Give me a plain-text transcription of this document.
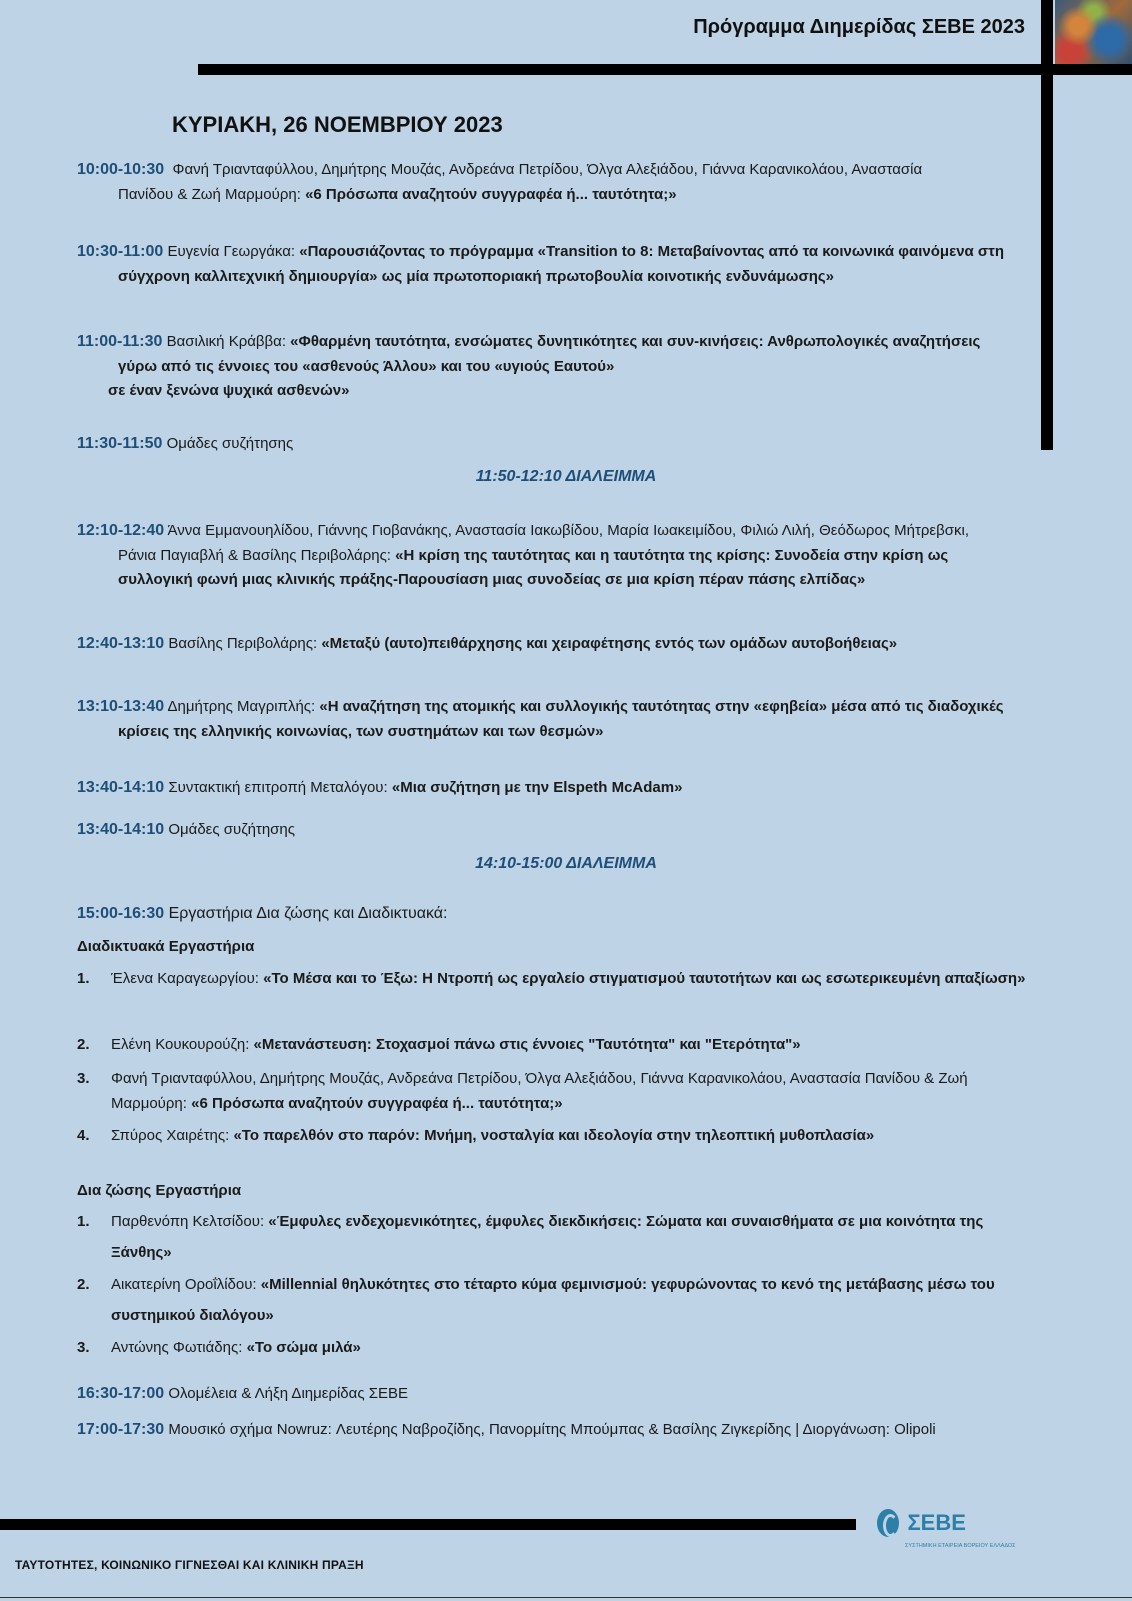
Πρόγραμμα Διημερίδας ΣΕΒΕ 2023
ΚΥΡΙΑΚΗ, 26 ΝΟΕΜΒΡΙΟΥ 2023
10:00-10:30 Φανή Τριανταφύλλου, Δημήτρης Μουζάς, Ανδρεάνα Πετρίδου, Όλγα Αλεξιάδου, Γιάννα Καρανικολάου, Αναστασία
Πανίδου & Ζωή Μαρμούρη: «6 Πρόσωπα αναζητούν συγγραφέα ή... ταυτότητα;»
10:30-11:00 Ευγενία Γεωργάκα: «Παρουσιάζοντας το πρόγραμμα «Transition to 8: Μεταβαίνοντας από τα κοινωνικά φαινόμενα στη
σύγχρονη καλλιτεχνική δημιουργία» ως μία πρωτοποριακή πρωτοβουλία κοινοτικής ενδυνάμωσης»
11:00-11:30 Βασιλική Κράββα: «Φθαρμένη ταυτότητα, ενσώματες δυνητικότητες και συν-κινήσεις: Ανθρωπολογικές αναζητήσεις
γύρω από τις έννοιες του «ασθενούς Άλλου» και του «υγιούς Εαυτού»
σε έναν ξενώνα ψυχικά ασθενών»
11:30-11:50 Ομάδες συζήτησης
11:50-12:10 ΔΙΑΛΕΙΜΜΑ
12:10-12:40 Άννα Εμμανουηλίδου, Γιάννης Γιοβανάκης, Αναστασία Ιακωβίδου, Μαρία Ιωακειμίδου, Φιλιώ Λιλή, Θεόδωρος Μήτρεβσκι,
Ράνια Παγιαβλή & Βασίλης Περιβολάρης: «Η κρίση της ταυτότητας και η ταυτότητα της κρίσης: Συνοδεία στην κρίση ως
συλλογική φωνή μιας κλινικής πράξης-Παρουσίαση μιας συνοδείας σε μια κρίση πέραν πάσης ελπίδας»
12:40-13:10 Βασίλης Περιβολάρης: «Μεταξύ (αυτο)πειθάρχησης και χειραφέτησης εντός των ομάδων αυτοβοήθειας»
13:10-13:40 Δημήτρης Μαγριπλής: «Η αναζήτηση της ατομικής και συλλογικής ταυτότητας στην «εφηβεία» μέσα από τις διαδοχικές
κρίσεις της ελληνικής κοινωνίας, των συστημάτων και των θεσμών»
13:40-14:10 Συντακτική επιτροπή Μεταλόγου: «Μια συζήτηση με την Elspeth McAdam»
13:40-14:10 Ομάδες συζήτησης
14:10-15:00 ΔΙΑΛΕΙΜΜΑ
15:00-16:30 Εργαστήρια Δια ζώσης και Διαδικτυακά:
Διαδικτυακά Εργαστήρια
1. Έλενα Καραγεωργίου: «Το Μέσα και το Έξω: Η Ντροπή ως εργαλείο στιγματισμού ταυτοτήτων και ως εσωτερικευμένη απαξίωση»
2. Ελένη Κουκουρούζη: «Μετανάστευση: Στοχασμοί πάνω στις έννοιες "Ταυτότητα" και "Ετερότητα"»
3. Φανή Τριανταφύλλου, Δημήτρης Μουζάς, Ανδρεάνα Πετρίδου, Όλγα Αλεξιάδου, Γιάννα Καρανικολάου, Αναστασία Πανίδου & Ζωή Μαρμούρη: «6 Πρόσωπα αναζητούν συγγραφέα ή... ταυτότητα;»
4. Σπύρος Χαιρέτης: «Το παρελθόν στο παρόν: Μνήμη, νοσταλγία και ιδεολογία στην τηλεοπτική μυθοπλασία»
Δια ζώσης Εργαστήρια
1. Παρθενόπη Κελτσίδου: «Έμφυλες ενδεχομενικότητες, έμφυλες διεκδικήσεις: Σώματα και συναισθήματα σε μια κοινότητα της Ξάνθης»
2. Αικατερίνη Οροΐλίδου: «Millennial θηλυκότητες στο τέταρτο κύμα φεμινισμού: γεφυρώνοντας το κενό της μετάβασης μέσω του συστημικού διαλόγου»
3. Αντώνης Φωτιάδης: «Το σώμα μιλά»
16:30-17:00 Ολομέλεια & Λήξη Διημερίδας ΣΕΒΕ
17:00-17:30 Μουσικό σχήμα Nowruz: Λευτέρης Ναβροζίδης, Πανορμίτης Μπούμπας & Βασίλης Ζιγκερίδης | Διοργάνωση: Olipoli
ΣΕΒΕ
ΣΥΣΤΗΜΙΚΗ ΕΤΑΙΡΕΙΑ ΒΟΡΕΙΟΥ ΕΛΛΑΔΟΣ
ΤΑΥΤΟΤΗΤΕΣ, ΚΟΙΝΩΝΙΚΟ ΓΙΓΝΕΣΘΑΙ ΚΑΙ ΚΛΙΝΙΚΗ ΠΡΑΞΗ
